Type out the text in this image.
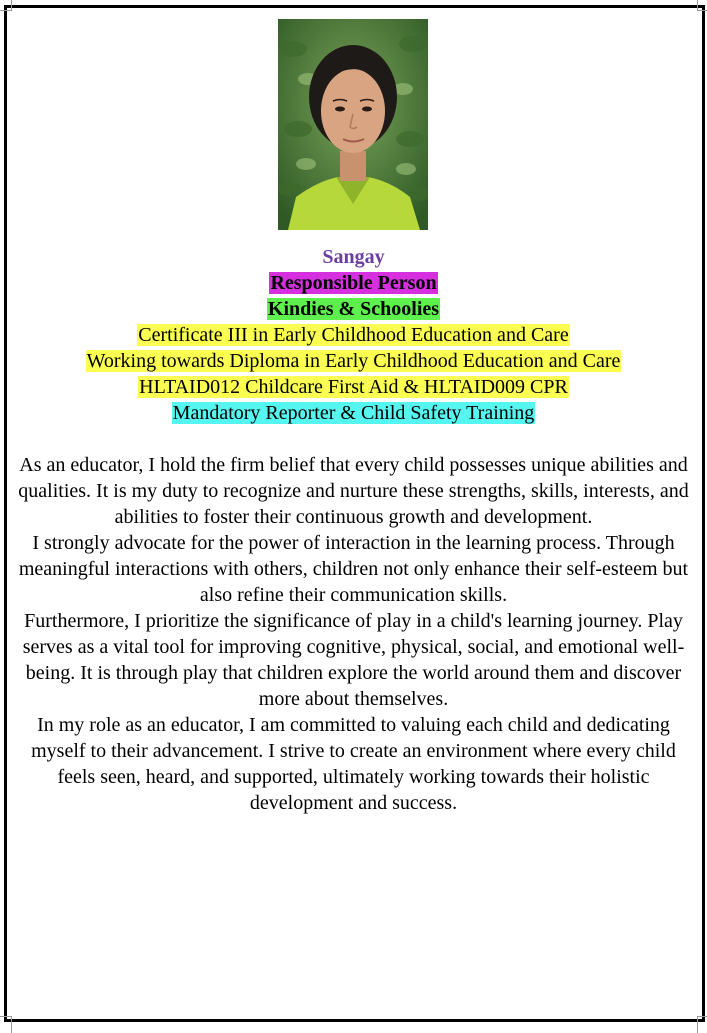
Sangay
Responsible Person
Kindies & Schoolies
Certificate III in Early Childhood Education and Care
Working towards Diploma in Early Childhood Education and Care
HLTAID012 Childcare First Aid & HLTAID009 CPR
Mandatory Reporter & Child Safety Training

As an educator, I hold the firm belief that every child possesses unique abilities and qualities. It is my duty to recognize and nurture these strengths, skills, interests, and abilities to foster their continuous growth and development.

I strongly advocate for the power of interaction in the learning process. Through meaningful interactions with others, children not only enhance their self-esteem but also refine their communication skills.

Furthermore, I prioritize the significance of play in a child's learning journey. Play serves as a vital tool for improving cognitive, physical, social, and emotional well-being. It is through play that children explore the world around them and discover more about themselves.

In my role as an educator, I am committed to valuing each child and dedicating myself to their advancement. I strive to create an environment where every child feels seen, heard, and supported, ultimately working towards their holistic development and success.
